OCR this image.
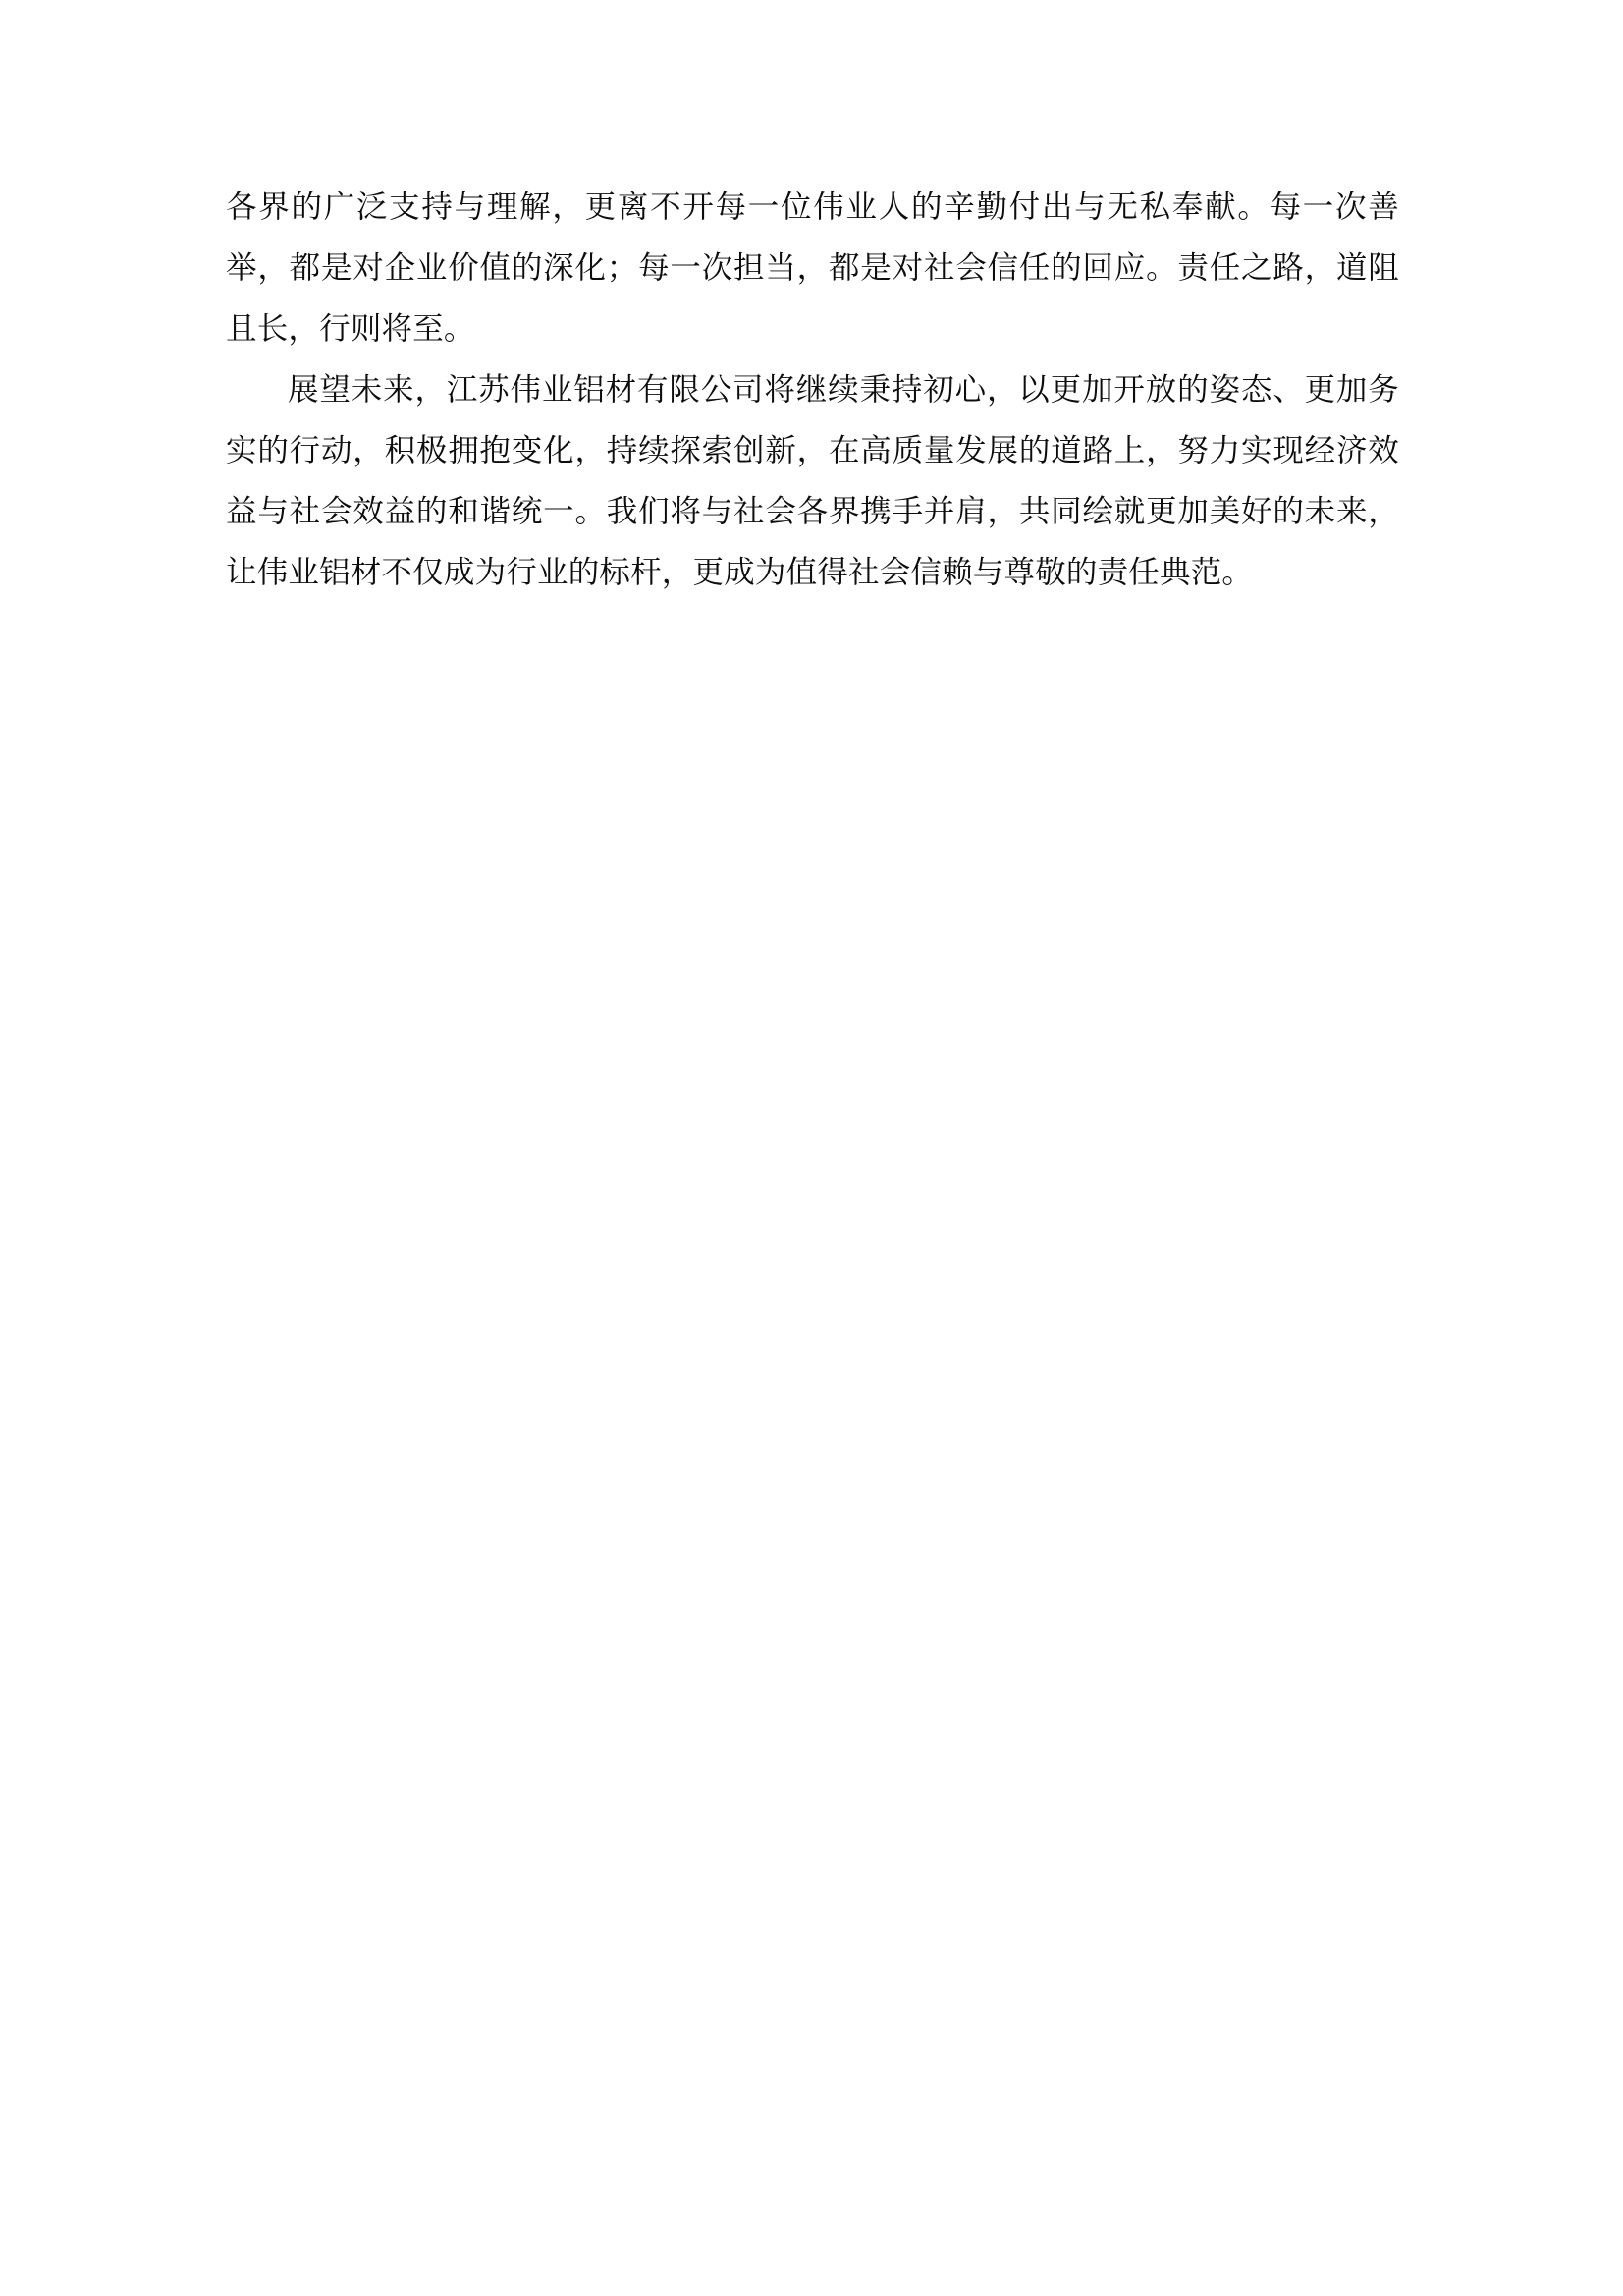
各界的广泛支持与理解，更离不开每一位伟业人的辛勤付出与无私奉献。每一次善举，都是对企业价值的深化；每一次担当，都是对社会信任的回应。责任之路，道阻且长，行则将至。

展望未来，江苏伟业铝材有限公司将继续秉持初心，以更加开放的姿态、更加务实的行动，积极拥抱变化，持续探索创新，在高质量发展的道路上，努力实现经济效益与社会效益的和谐统一。我们将与社会各界携手并肩，共同绘就更加美好的未来，让伟业铝材不仅成为行业的标杆，更成为值得社会信赖与尊敬的责任典范。
